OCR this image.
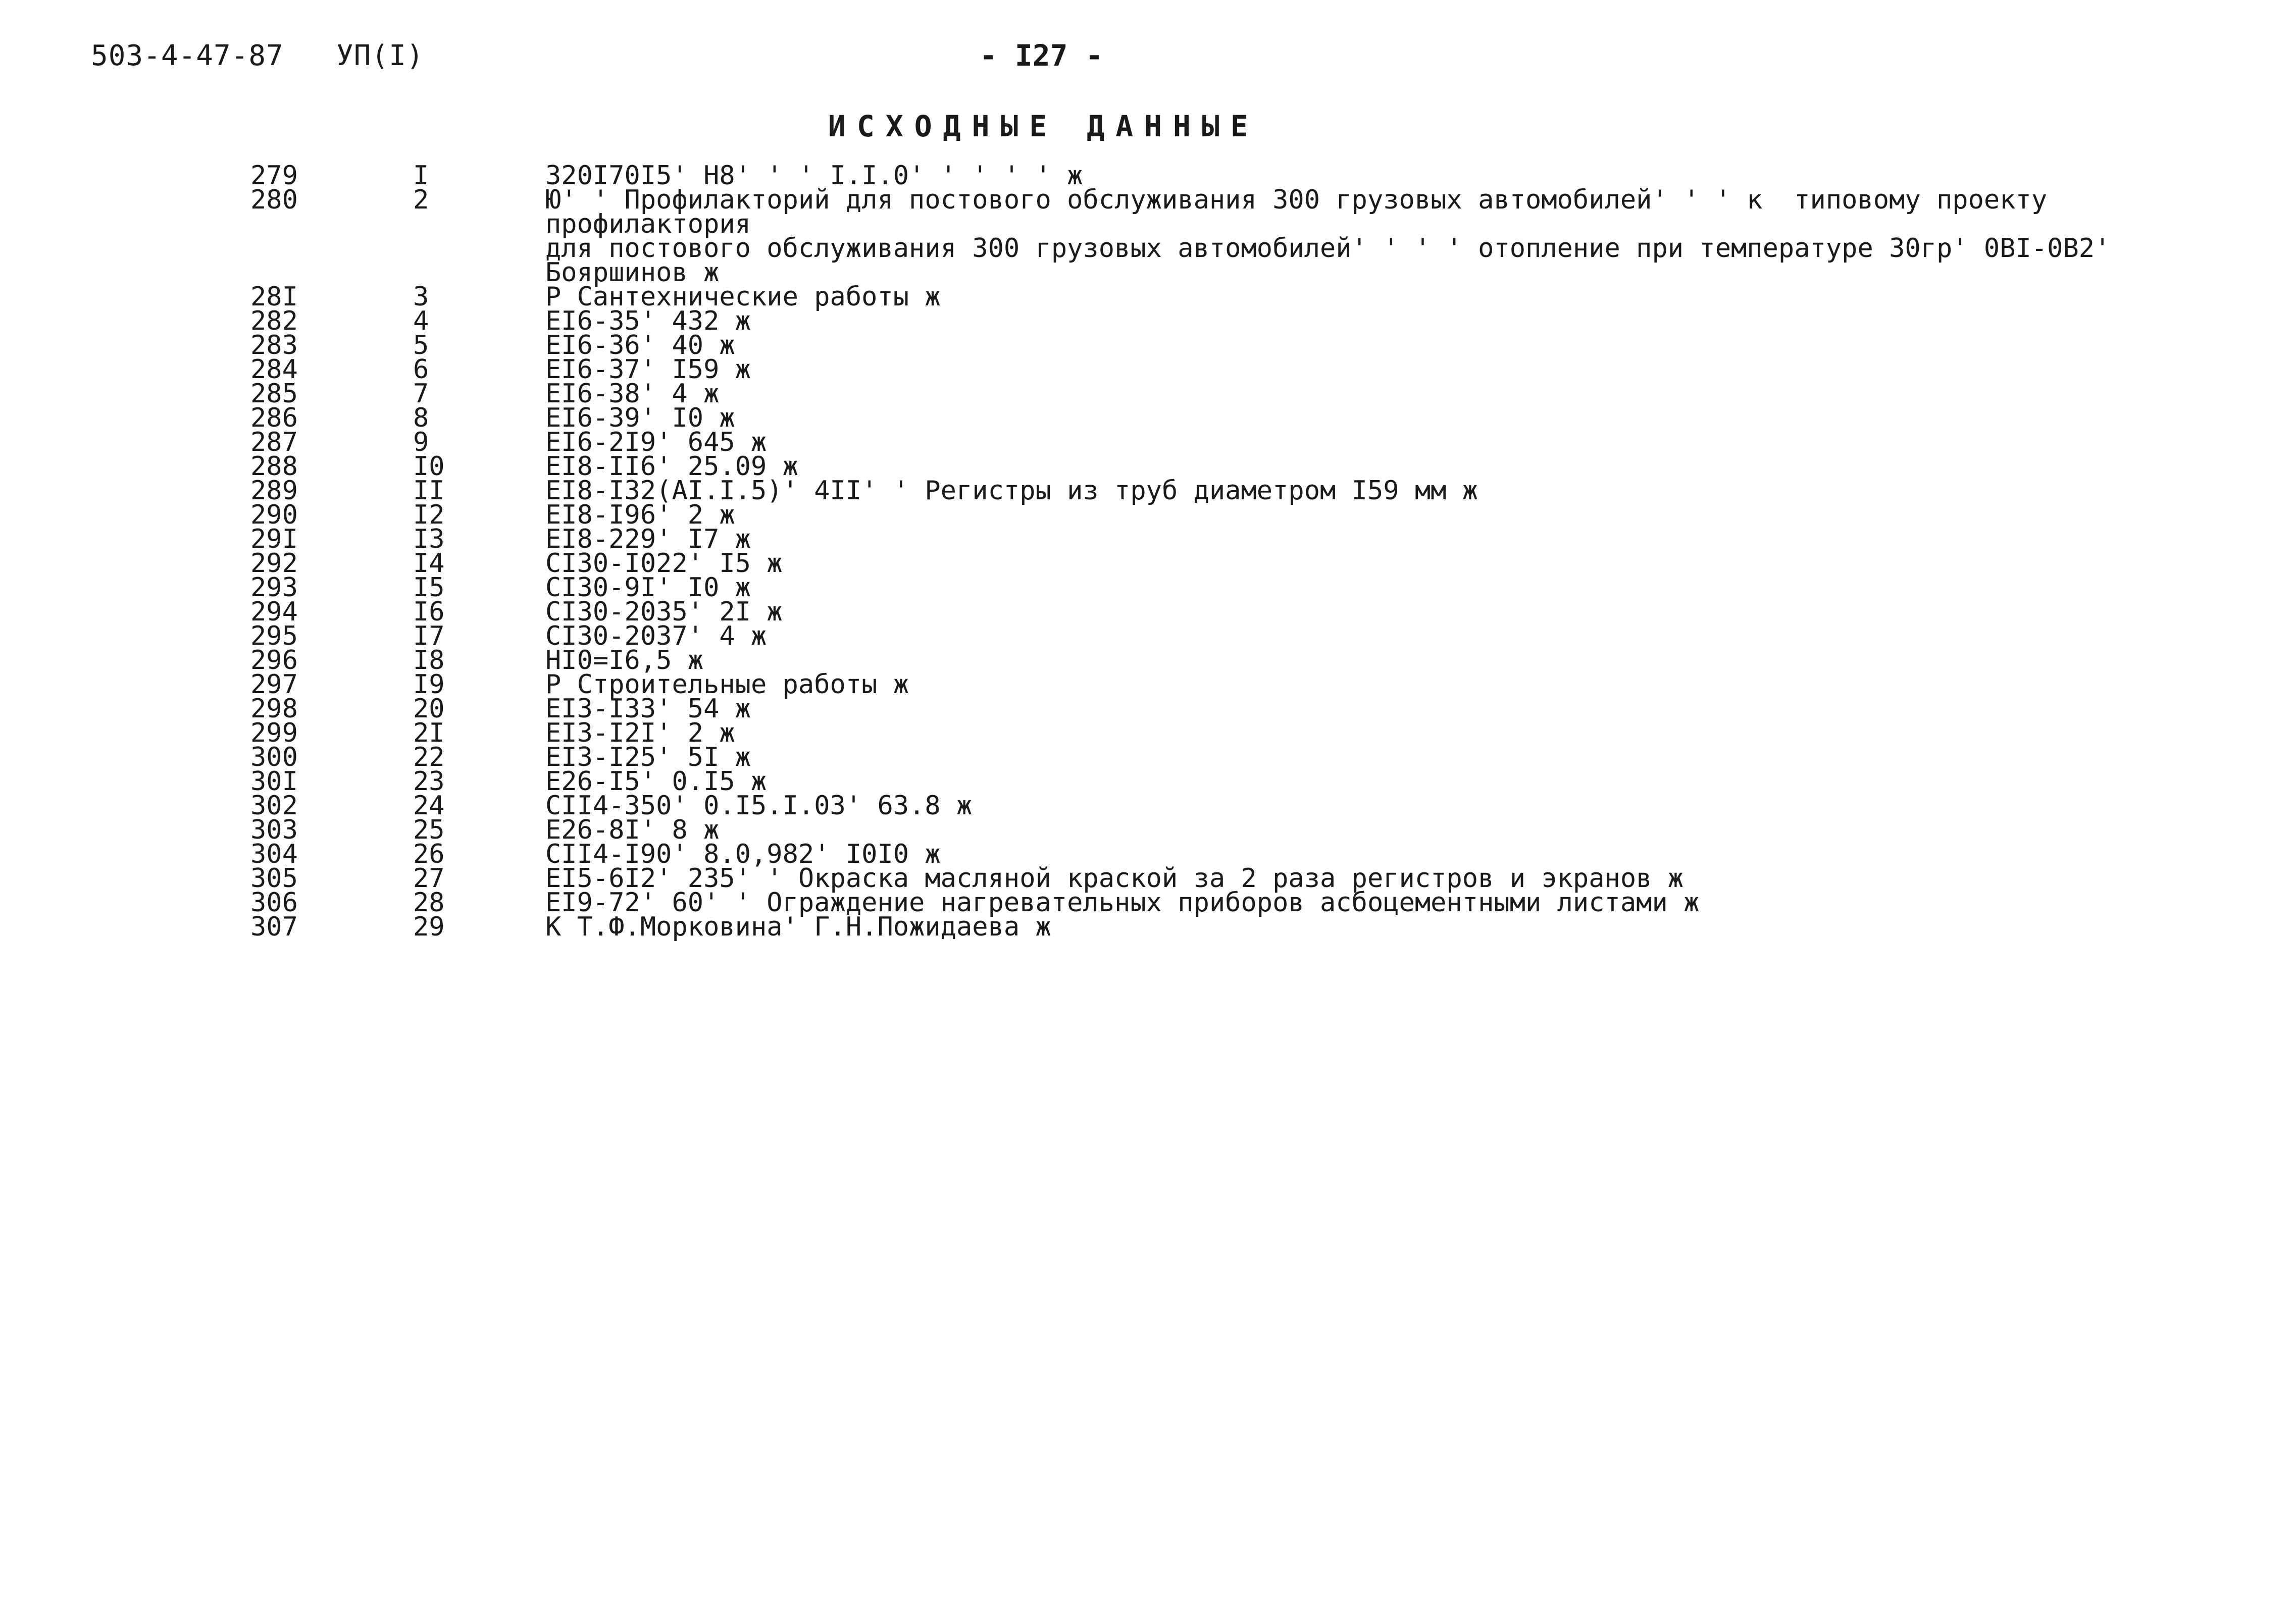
503-4-47-87   УП(I)	- I27 -
ИСХОДНЫЕ ДАННЫЕ
279	I	320I70I5' H8' ' ' I.I.0' ' ' ' ' ж
280	2	Ю' ' Профилакторий для постового обслуживания 300 грузовых автомобилей' ' ' к  типовому проекту профилактория
для постового обслуживания 300 грузовых автомобилей' ' ' ' отопление при температуре 30гр' 0ВI-0В2'
Бояршинов ж
28I	3	Р Сантехнические работы ж
282	4	EI6-35' 432 ж
283	5	EI6-36' 40 ж
284	6	EI6-37' I59 ж
285	7	EI6-38' 4 ж
286	8	EI6-39' I0 ж
287	9	EI6-2I9' 645 ж
288	I0	EI8-II6' 25.09 ж
289	II	EI8-I32(AI.I.5)' 4II' ' Регистры из труб диаметром I59 мм ж
290	I2	EI8-I96' 2 ж
29I	I3	EI8-229' I7 ж
292	I4	CI30-I022' I5 ж
293	I5	CI30-9I' I0 ж
294	I6	CI30-2035' 2I ж
295	I7	CI30-2037' 4 ж
296	I8	HI0=I6,5 ж
297	I9	Р Строительные работы ж
298	20	EI3-I33' 54 ж
299	2I	EI3-I2I' 2 ж
300	22	EI3-I25' 5I ж
30I	23	E26-I5' 0.I5 ж
302	24	CII4-350' 0.I5.I.03' 63.8 ж
303	25	E26-8I' 8 ж
304	26	CII4-I90' 8.0,982' I0I0 ж
305	27	EI5-6I2' 235' ' Окраска масляной краской за 2 раза регистров и экранов ж
306	28	EI9-72' 60' ' Ограждение нагревательных приборов асбоцементными листами ж
307	29	К Т.Ф.Морковина' Г.Н.Пожидаева ж
